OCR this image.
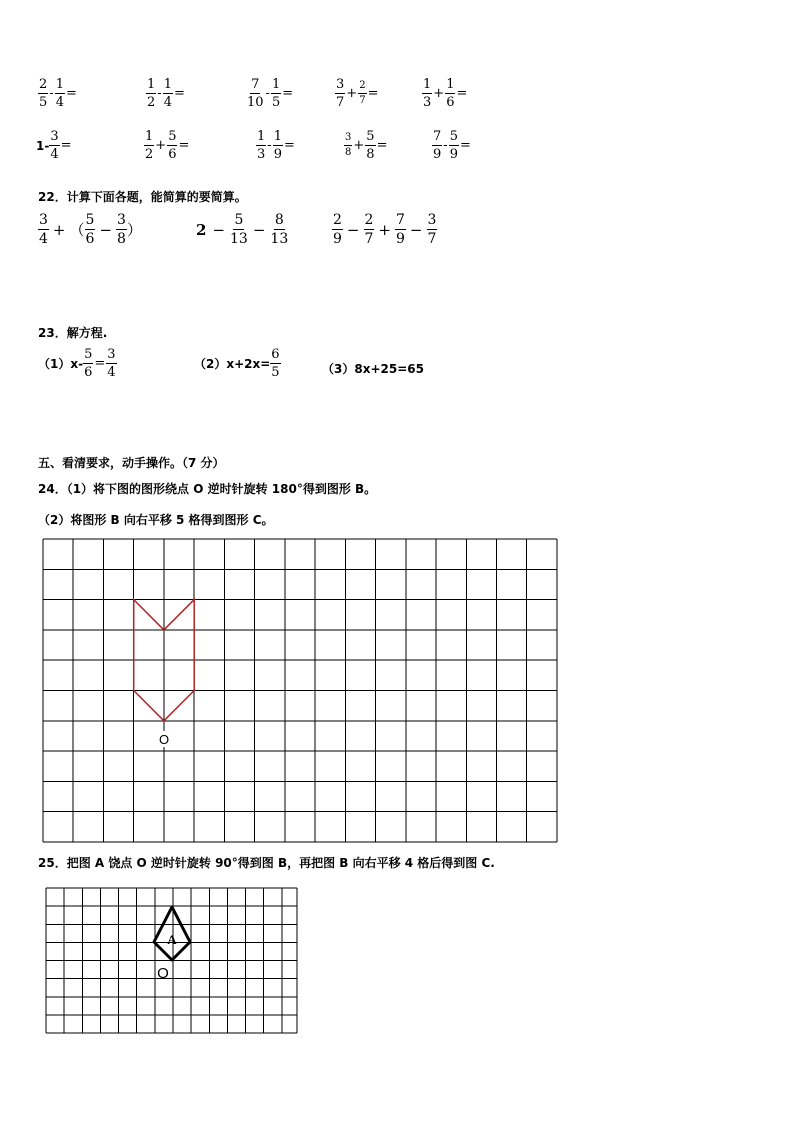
$\frac{2}{5} - \frac{1}{4}$ =	$\frac{1}{2} - \frac{1}{4}$ =	$\frac{7}{10} - \frac{1}{5}$ =	$\frac{3}{7} + \frac{2}{7}$ =	$\frac{1}{3} + \frac{1}{6}$ =
$1- \frac{3}{4}$ =	$\frac{1}{2} + \frac{5}{6}$ =	$\frac{1}{3} - \frac{1}{9}$ =	$\frac{3}{8} + \frac{5}{8}$ =	$\frac{7}{9} - \frac{5}{9}$ =
22．计算下面各题，能简算的要简算。
$\frac{3}{4}$ + （ $\frac{5}{6} - \frac{3}{8}$ ）	$2 - \frac{5}{13} - \frac{8}{13}$	$\frac{2}{9} - \frac{2}{7} + \frac{7}{9} - \frac{3}{7}$
23．解方程.
$(1)x- \frac{5}{6} = \frac{3}{4}$	$(2)x+2x= \frac{6}{5}$	（3）8x+25=65
五、看清要求，动手操作。（7 分）
24．（1）将下图的图形绕点 O 逆时针旋转 180°得到图形 B。
（2）将图形 B 向右平移 5 格得到图形 C。
O
25．把图 A 饶点 O 逆时针旋转 90°得到图 B，再把图 B 向右平移 4 格后得到图 C.
A
O
